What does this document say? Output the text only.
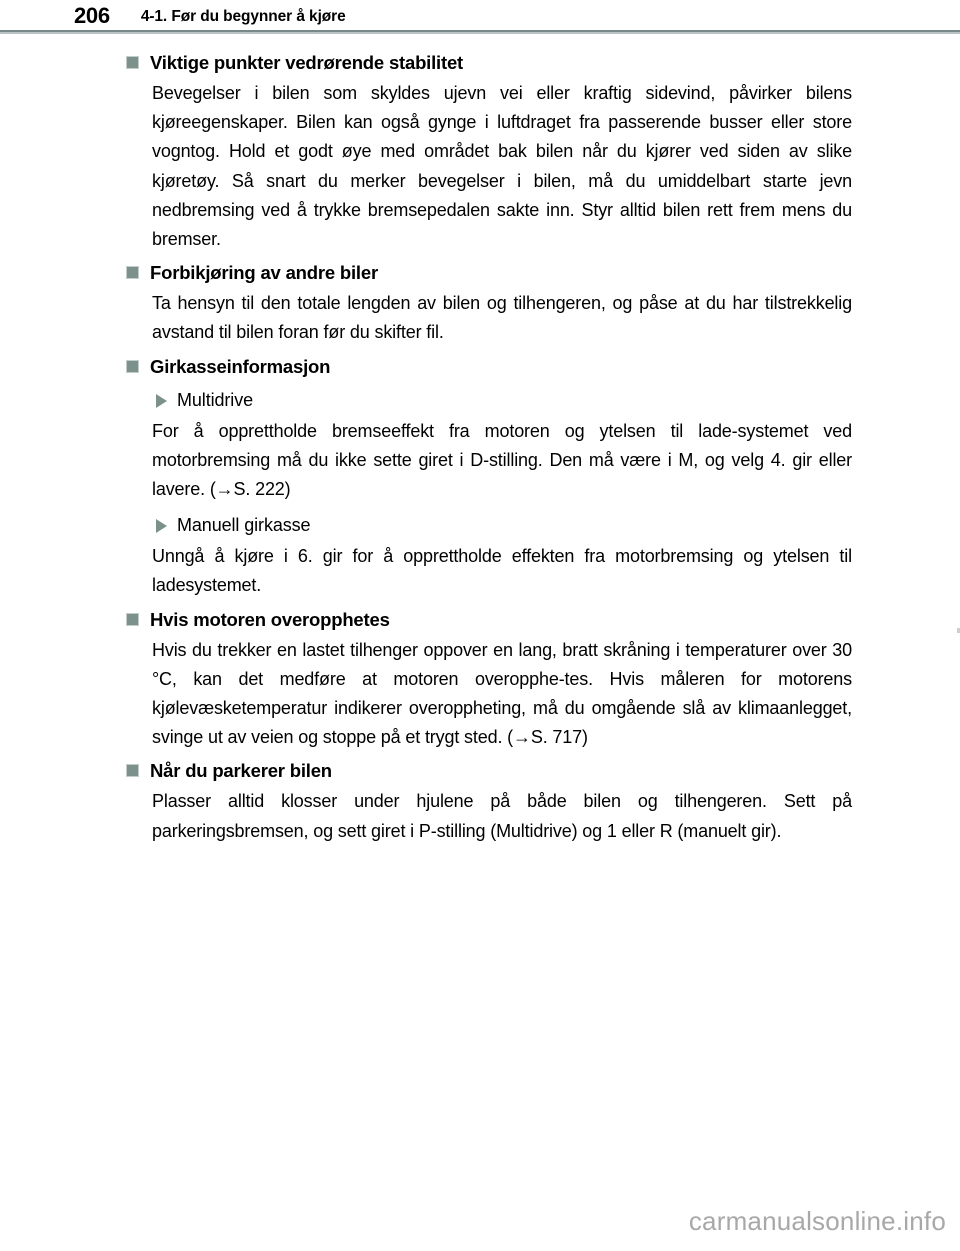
206 4-1. Før du begynner å kjøre
Viktige punkter vedrørende stabilitet

Bevegelser i bilen som skyldes ujevn vei eller kraftig sidevind, påvirker bilens kjøreegenskaper. Bilen kan også gynge i luftdraget fra passerende busser eller store vogntog. Hold et godt øye med området bak bilen når du kjører ved siden av slike kjøretøy. Så snart du merker bevegelser i bilen, må du umiddelbart starte jevn nedbremsing ved å trykke bremsepedalen sakte inn. Styr alltid bilen rett frem mens du bremser.

Forbikjøring av andre biler

Ta hensyn til den totale lengden av bilen og tilhengeren, og påse at du har tilstrekkelig avstand til bilen foran før du skifter fil.

Girkasseinformasjon
Multidrive

For å opprettholde bremseeffekt fra motoren og ytelsen til lade-systemet ved motorbremsing må du ikke sette giret i D-stilling. Den må være i M, og velg 4. gir eller lavere. (→S. 222)

Manuell girkasse

Unngå å kjøre i 6. gir for å opprettholde effekten fra motorbremsing og ytelsen til ladesystemet.

Hvis motoren overopphetes

Hvis du trekker en lastet tilhenger oppover en lang, bratt skråning i temperaturer over 30 °C, kan det medføre at motoren overopphe-tes. Hvis måleren for motorens kjølevæsketemperatur indikerer overoppheting, må du omgående slå av klimaanlegget, svinge ut av veien og stoppe på et trygt sted. (→S. 717)

Når du parkerer bilen

Plasser alltid klosser under hjulene på både bilen og tilhengeren. Sett på parkeringsbremsen, og sett giret i P-stilling (Multidrive) og 1 eller R (manuelt gir).

carmanualsonline.info
